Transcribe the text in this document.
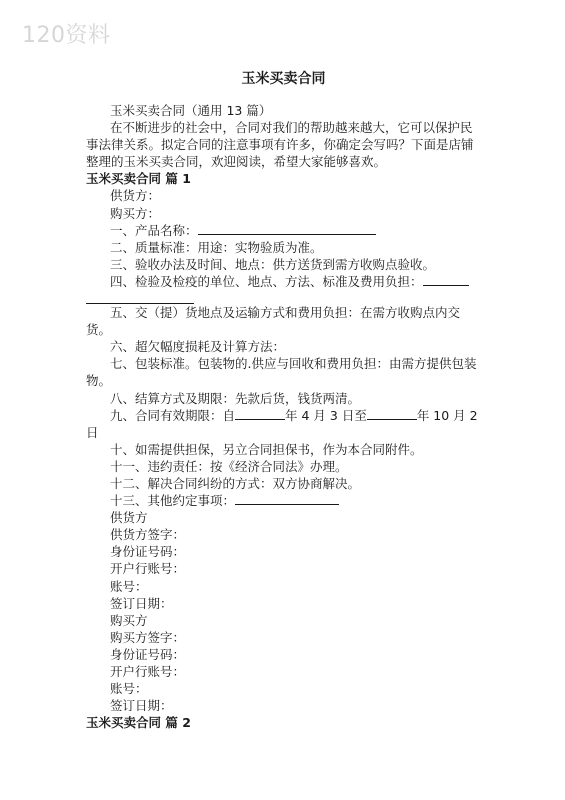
120资料
玉米买卖合同

玉米买卖合同（通用 13 篇）

在不断进步的社会中，合同对我们的帮助越来越大，它可以保护民事法律关系。拟定合同的注意事项有许多，你确定会写吗？下面是店铺整理的玉米买卖合同，欢迎阅读，希望大家能够喜欢。

玉米买卖合同 篇 1

供货方：

购买方：

一、产品名称：

二、质量标准：用途：实物验质为准。

三、验收办法及时间、地点：供方送货到需方收购点验收。

四、检验及检疫的单位、地点、方法、标准及费用负担：

五、交（提）货地点及运输方式和费用负担：在需方收购点内交货。

六、超欠幅度损耗及计算方法：

七、包装标准。包装物的.供应与回收和费用负担：由需方提供包装物。

八、结算方式及期限：先款后货，钱货两清。

九、合同有效期限：自	年 4 月 3 日至	年 10 月 2 日

十、如需提供担保，另立合同担保书，作为本合同附件。

十一、违约责任：按《经济合同法》办理。

十二、解决合同纠纷的方式：双方协商解决。

十三、其他约定事项：

供货方

供货方签字：

身份证号码：

开户行账号：

账号：

签订日期：

购买方

购买方签字：

身份证号码：

开户行账号：

账号：

签订日期：

玉米买卖合同 篇 2
